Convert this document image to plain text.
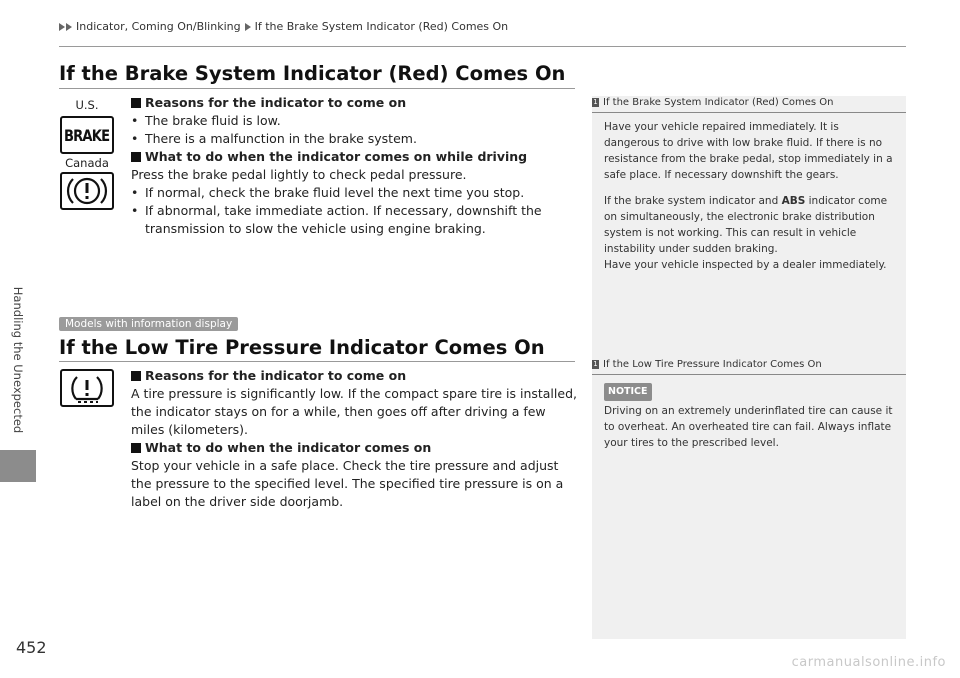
Indicator, Coming On/Blinking If the Brake System Indicator (Red) Comes On
Handling the Unexpected
452
If the Brake System Indicator (Red) Comes On
U.S.
BRAKE
Canada
Reasons for the indicator to come on
• The brake fluid is low.
• There is a malfunction in the brake system.
What to do when the indicator comes on while driving
Press the brake pedal lightly to check pedal pressure.
• If normal, check the brake fluid level the next time you stop.
• If abnormal, take immediate action. If necessary, downshift the transmission to slow the vehicle using engine braking.
Models with information display
If the Low Tire Pressure Indicator Comes On
Reasons for the indicator to come on
A tire pressure is significantly low. If the compact spare tire is installed, the indicator stays on for a while, then goes off after driving a few miles (kilometers).
What to do when the indicator comes on
Stop your vehicle in a safe place. Check the tire pressure and adjust the pressure to the specified level. The specified tire pressure is on a label on the driver side doorjamb.
1 If the Brake System Indicator (Red) Comes On
Have your vehicle repaired immediately. It is dangerous to drive with low brake fluid. If there is no resistance from the brake pedal, stop immediately in a safe place. If necessary downshift the gears.
If the brake system indicator and ABS indicator come on simultaneously, the electronic brake distribution system is not working. This can result in vehicle instability under sudden braking.
Have your vehicle inspected by a dealer immediately.
1 If the Low Tire Pressure Indicator Comes On
NOTICE
Driving on an extremely underinflated tire can cause it to overheat. An overheated tire can fail. Always inflate your tires to the prescribed level.
carmanualsonline.info
